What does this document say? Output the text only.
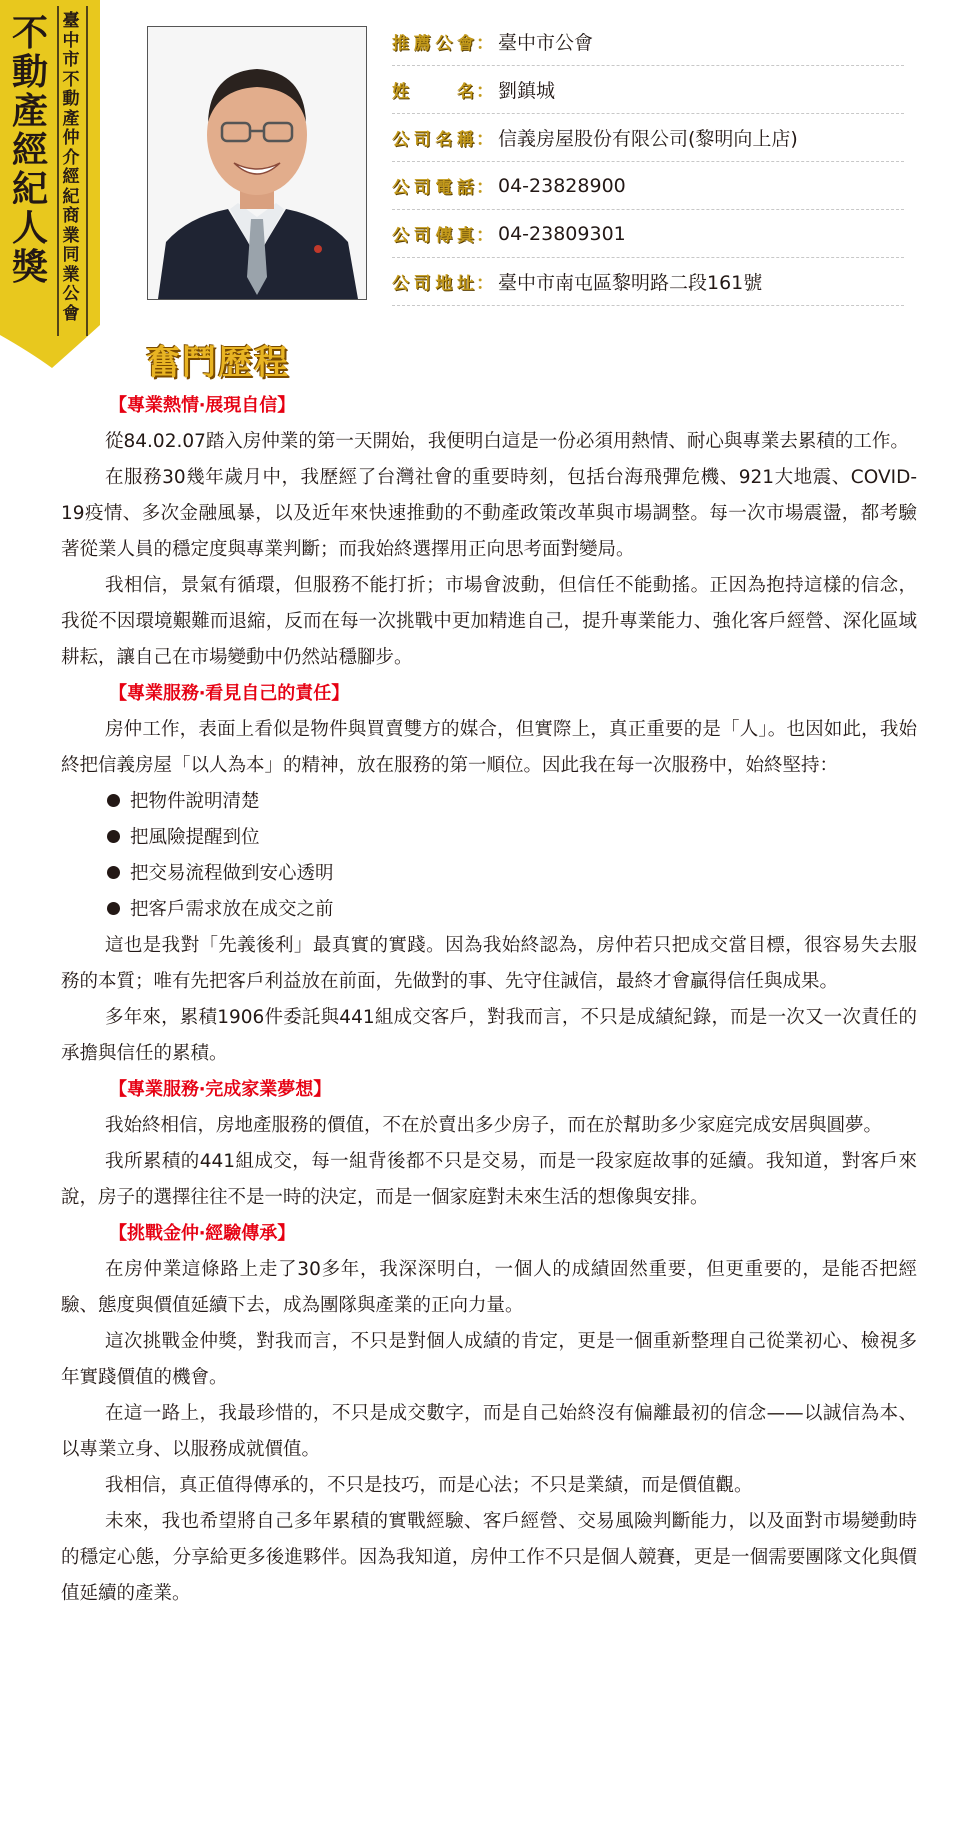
不動產經紀人獎
臺中市不動產仲介經紀商業同業公會
推薦公會 ： 臺中市公會
姓名 ： 劉鎮城
公司名稱 ： 信義房屋股份有限公司(黎明向上店)
公司電話 ： 04-23828900
公司傳真 ： 04-23809301
公司地址 ： 臺中市南屯區黎明路二段161號
奮鬥歷程
【專業熱情‧展現自信】
從84.02.07踏入房仲業的第一天開始，我便明白這是一份必須用熱情、耐心與專業去累積的工作。
在服務30幾年歲月中，我歷經了台灣社會的重要時刻，包括台海飛彈危機、921大地震、COVID-19疫情、多次金融風暴，以及近年來快速推動的不動產政策改革與市場調整。每一次市場震盪，都考驗著從業人員的穩定度與專業判斷；而我始終選擇用正向思考面對變局。
我相信，景氣有循環，但服務不能打折；市場會波動，但信任不能動搖。正因為抱持這樣的信念，我從不因環境艱難而退縮，反而在每一次挑戰中更加精進自己，提升專業能力、強化客戶經營、深化區域耕耘，讓自己在市場變動中仍然站穩腳步。
【專業服務‧看見自己的責任】
房仲工作，表面上看似是物件與買賣雙方的媒合，但實際上，真正重要的是「人」。也因如此，我始終把信義房屋「以人為本」的精神，放在服務的第一順位。因此我在每一次服務中，始終堅持：
把物件說明清楚
把風險提醒到位
把交易流程做到安心透明
把客戶需求放在成交之前
這也是我對「先義後利」最真實的實踐。因為我始終認為，房仲若只把成交當目標，很容易失去服務的本質；唯有先把客戶利益放在前面，先做對的事、先守住誠信，最終才會贏得信任與成果。
多年來，累積1906件委託與441組成交客戶，對我而言，不只是成績紀錄，而是一次又一次責任的承擔與信任的累積。
【專業服務‧完成家業夢想】
我始終相信，房地產服務的價值，不在於賣出多少房子，而在於幫助多少家庭完成安居與圓夢。
我所累積的441組成交，每一組背後都不只是交易，而是一段家庭故事的延續。我知道，對客戶來說，房子的選擇往往不是一時的決定，而是一個家庭對未來生活的想像與安排。
【挑戰金仲‧經驗傳承】
在房仲業這條路上走了30多年，我深深明白，一個人的成績固然重要，但更重要的，是能否把經驗、態度與價值延續下去，成為團隊與產業的正向力量。
這次挑戰金仲獎，對我而言，不只是對個人成績的肯定，更是一個重新整理自己從業初心、檢視多年實踐價值的機會。
在這一路上，我最珍惜的，不只是成交數字，而是自己始終沒有偏離最初的信念——以誠信為本、以專業立身、以服務成就價值。
我相信，真正值得傳承的，不只是技巧，而是心法；不只是業績，而是價值觀。
未來，我也希望將自己多年累積的實戰經驗、客戶經營、交易風險判斷能力，以及面對市場變動時的穩定心態，分享給更多後進夥伴。因為我知道，房仲工作不只是個人競賽，更是一個需要團隊文化與價值延續的產業。
